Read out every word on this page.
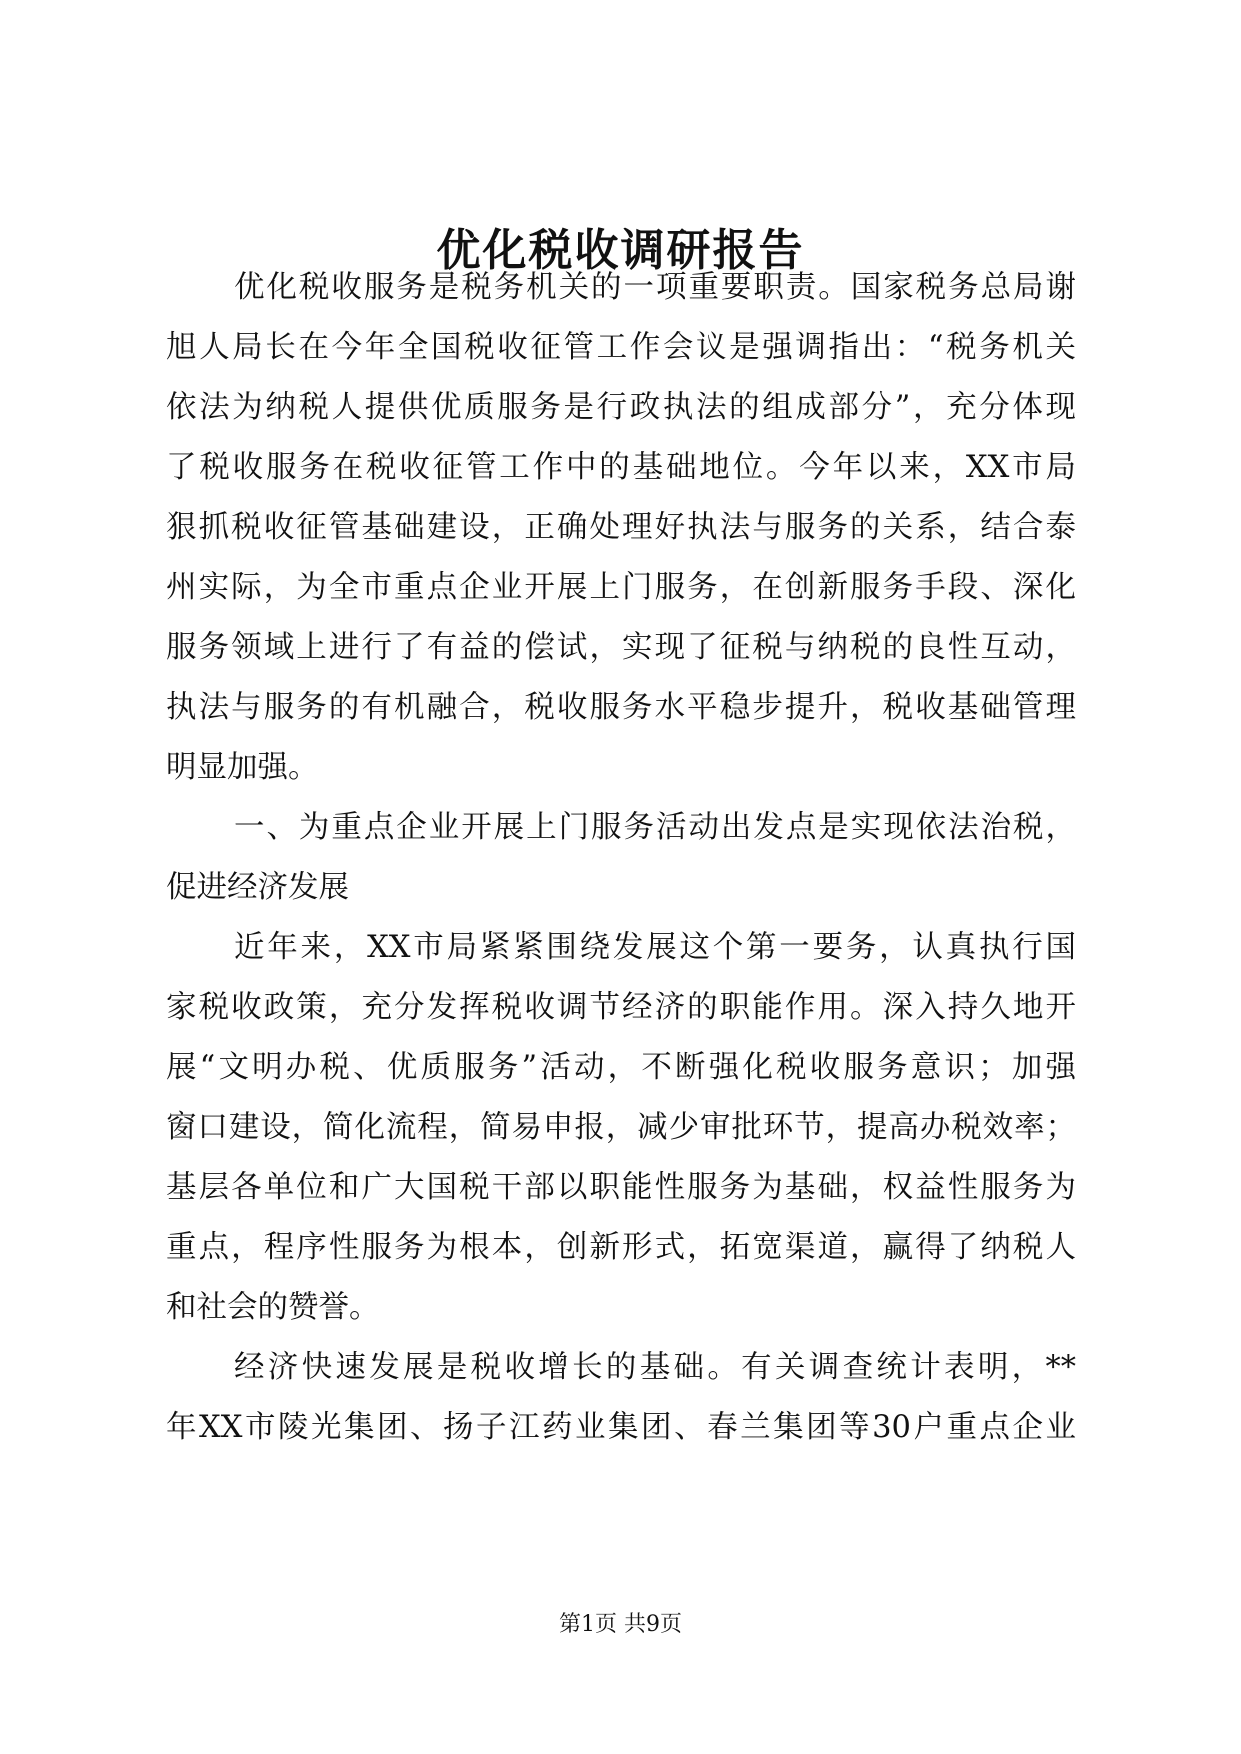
优化税收调研报告
优化税收服务是税务机关的一项重要职责。国家税务总局谢
旭人局长在今年全国税收征管工作会议是强调指出：“税务机关
依法为纳税人提供优质服务是行政执法的组成部分”，充分体现
了税收服务在税收征管工作中的基础地位。今年以来，XX市局
狠抓税收征管基础建设，正确处理好执法与服务的关系，结合泰
州实际，为全市重点企业开展上门服务，在创新服务手段、深化
服务领域上进行了有益的偿试，实现了征税与纳税的良性互动，
执法与服务的有机融合，税收服务水平稳步提升，税收基础管理
明显加强。
一、为重点企业开展上门服务活动出发点是实现依法治税，
促进经济发展
近年来，XX市局紧紧围绕发展这个第一要务，认真执行国
家税收政策，充分发挥税收调节经济的职能作用。深入持久地开
展“文明办税、优质服务”活动，不断强化税收服务意识；加强
窗口建设，简化流程，简易申报，减少审批环节，提高办税效率；
基层各单位和广大国税干部以职能性服务为基础，权益性服务为
重点，程序性服务为根本，创新形式，拓宽渠道，赢得了纳税人
和社会的赞誉。
经济快速发展是税收增长的基础。有关调查统计表明，**
年XX市陵光集团、扬子江药业集团、春兰集团等30户重点企业
第1页 共9页
